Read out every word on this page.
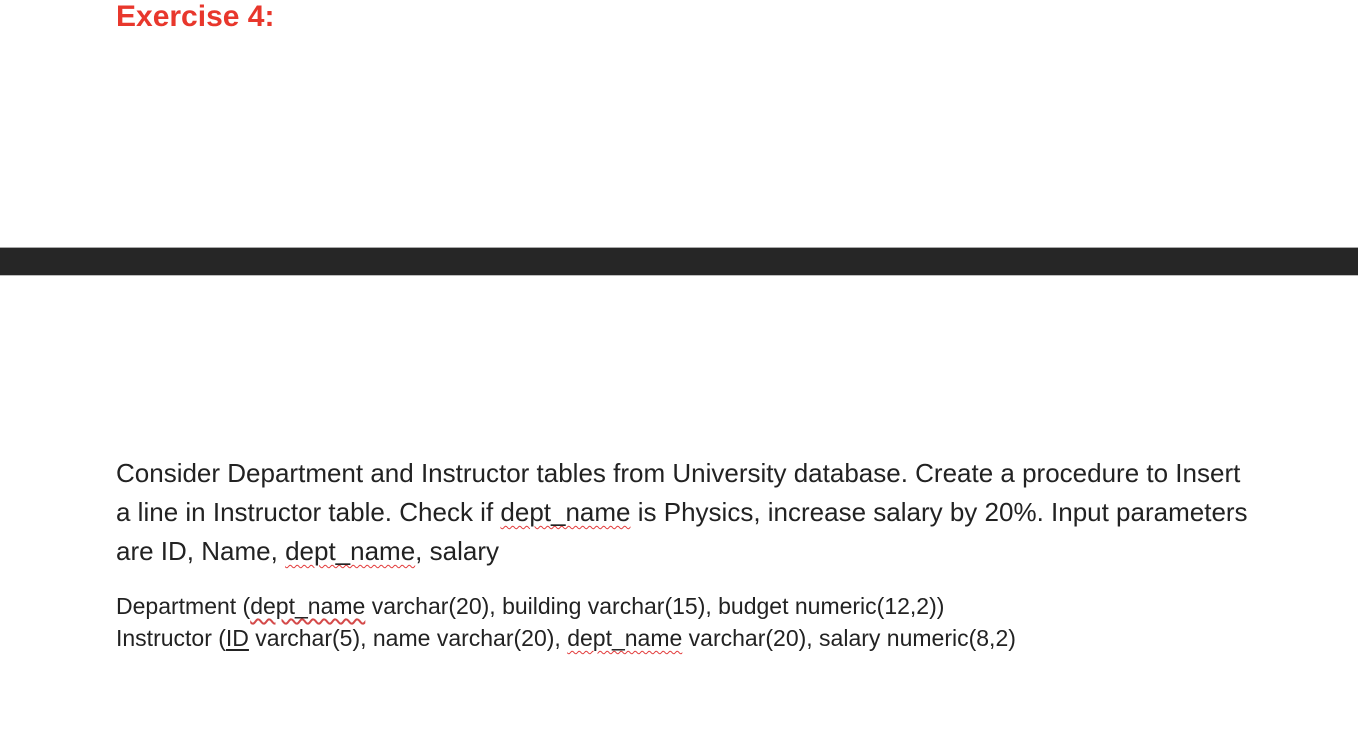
Exercise 4:

Consider Department and Instructor tables from University database. Create a procedure to Insert a line in Instructor table. Check if dept_name is Physics, increase salary by 20%. Input parameters are ID, Name, dept_name, salary

Department (dept_name varchar(20), building varchar(15), budget numeric(12,2))
Instructor (ID varchar(5), name varchar(20), dept_name varchar(20), salary numeric(8,2)
